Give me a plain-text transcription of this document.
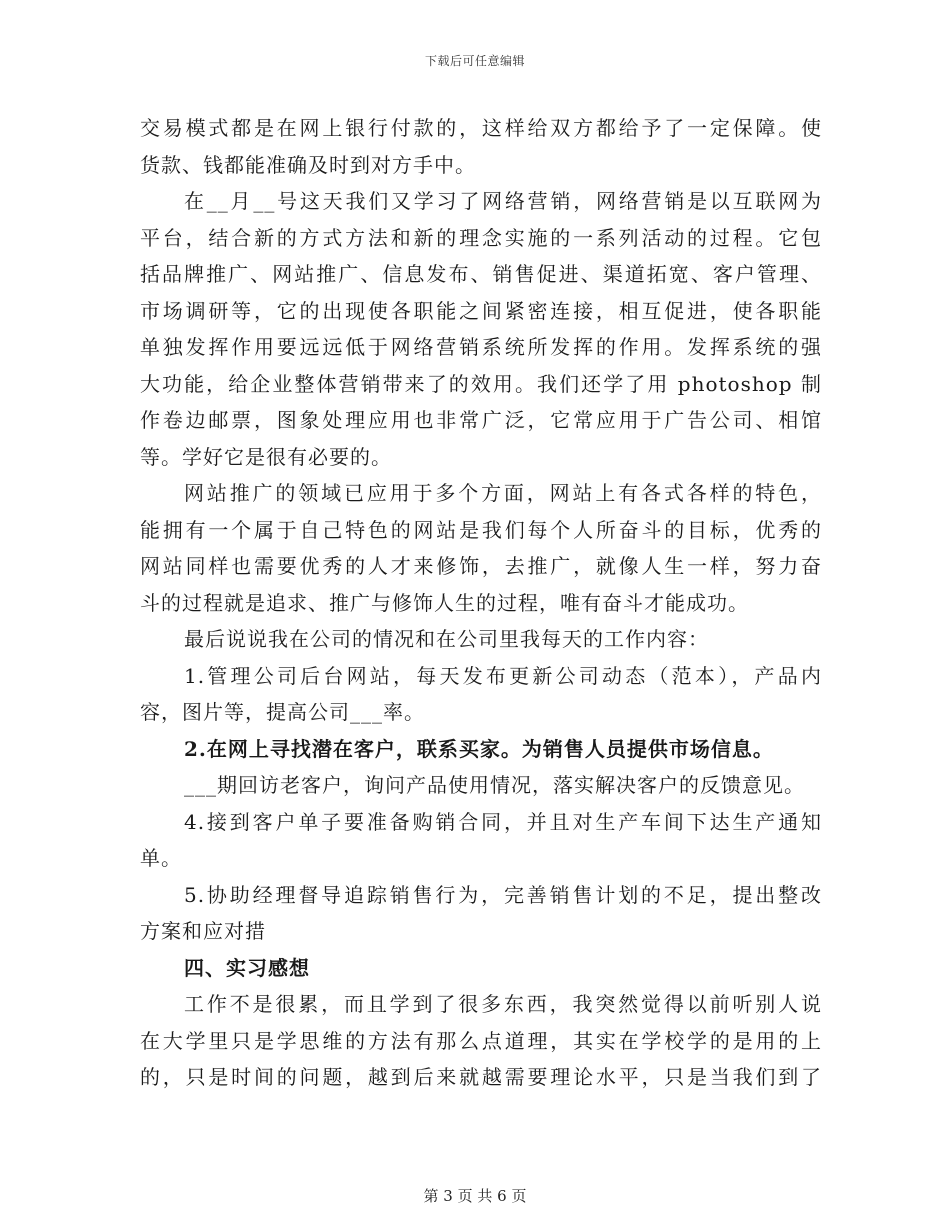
下载后可任意编辑
交易模式都是在网上银行付款的，这样给双方都给予了一定保障。使
货款、钱都能准确及时到对方手中。
在__月__号这天我们又学习了网络营销，网络营销是以互联网为
平台，结合新的方式方法和新的理念实施的一系列活动的过程。它包
括品牌推广、网站推广、信息发布、销售促进、渠道拓宽、客户管理、
市场调研等，它的出现使各职能之间紧密连接，相互促进，使各职能
单独发挥作用要远远低于网络营销系统所发挥的作用。发挥系统的强
大功能，给企业整体营销带来了的效用。我们还学了用 photoshop 制
作卷边邮票，图象处理应用也非常广泛，它常应用于广告公司、相馆
等。学好它是很有必要的。
网站推广的领域已应用于多个方面，网站上有各式各样的特色，
能拥有一个属于自己特色的网站是我们每个人所奋斗的目标，优秀的
网站同样也需要优秀的人才来修饰，去推广，就像人生一样，努力奋
斗的过程就是追求、推广与修饰人生的过程，唯有奋斗才能成功。
最后说说我在公司的情况和在公司里我每天的工作内容：
1.管理公司后台网站，每天发布更新公司动态（范本），产品内
容，图片等，提高公司___率。
2.在网上寻找潜在客户，联系买家。为销售人员提供市场信息。
___期回访老客户，询问产品使用情况，落实解决客户的反馈意见。
4.接到客户单子要准备购销合同，并且对生产车间下达生产通知
单。
5.协助经理督导追踪销售行为，完善销售计划的不足，提出整改
方案和应对措
四、实习感想
工作不是很累，而且学到了很多东西，我突然觉得以前听别人说
在大学里只是学思维的方法有那么点道理，其实在学校学的是用的上
的，只是时间的问题，越到后来就越需要理论水平，只是当我们到了
第 3 页 共 6 页
